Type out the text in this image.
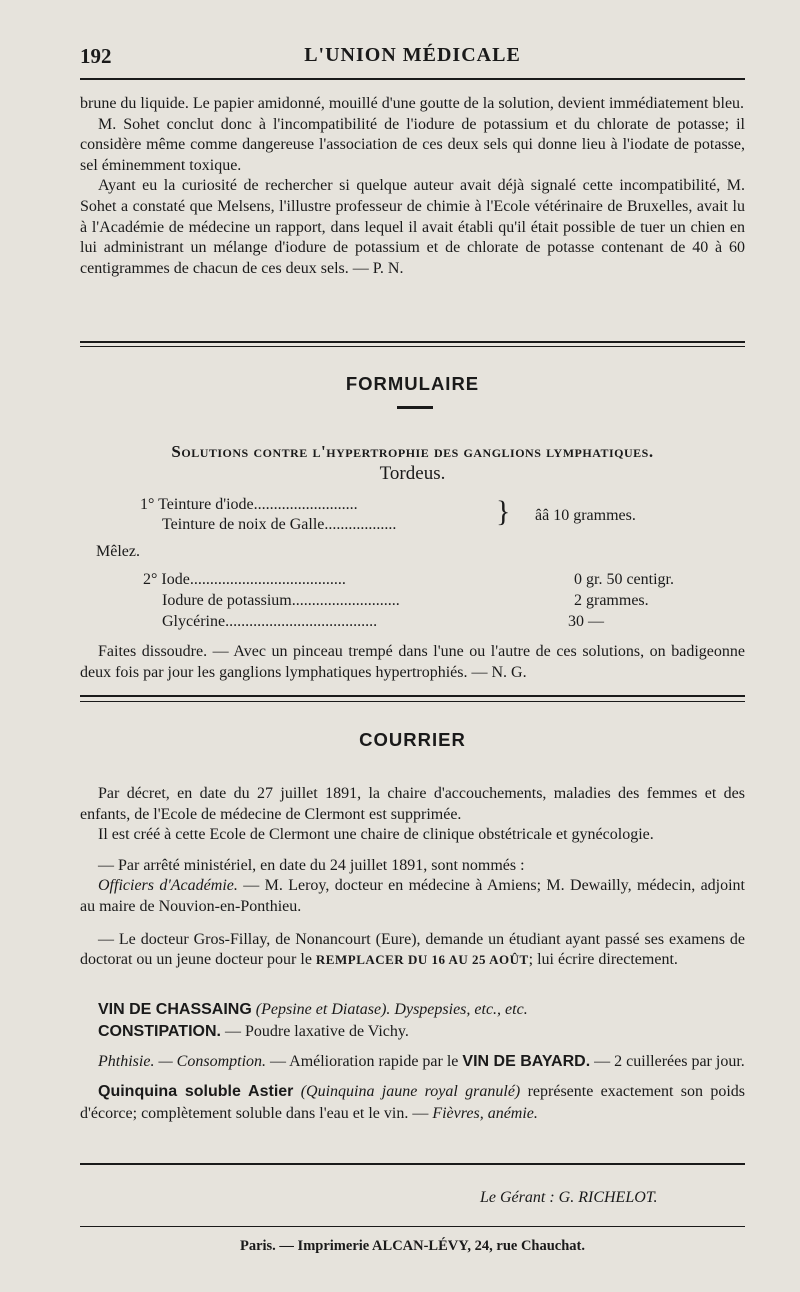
192	L'UNION MÉDICALE

brune du liquide. Le papier amidonné, mouillé d'une goutte de la solution, devient immédiatement bleu.

M. Sohet conclut donc à l'incompatibilité de l'iodure de potassium et du chlorate de potasse; il considère même comme dangereuse l'association de ces deux sels qui donne lieu à l'iodate de potasse, sel éminemment toxique.

Ayant eu la curiosité de rechercher si quelque auteur avait déjà signalé cette incompatibilité, M. Sohet a constaté que Melsens, l'illustre professeur de chimie à l'Ecole vétérinaire de Bruxelles, avait lu à l'Académie de médecine un rapport, dans lequel il avait établi qu'il était possible de tuer un chien en lui administrant un mélange d'iodure de potassium et de chlorate de potasse contenant de 40 à 60 centigrammes de chacun de ces deux sels. — P. N.

FORMULAIRE
Solutions contre l'hypertrophie des ganglions lymphatiques.
Tordeus.
1° Teinture d'iode..........................
Teinture de noix de Galle..................	} ââ 10 grammes.
Mêlez.
2° Iode.......................................	0 gr. 50 centigr.
Iodure de potassium...........................	2 grammes.
Glycérine......................................	30 —

Faites dissoudre. — Avec un pinceau trempé dans l'une ou l'autre de ces solutions, on badigeonne deux fois par jour les ganglions lymphatiques hypertrophiés. — N. G.

COURRIER

Par décret, en date du 27 juillet 1891, la chaire d'accouchements, maladies des femmes et des enfants, de l'Ecole de médecine de Clermont est supprimée.

Il est créé à cette Ecole de Clermont une chaire de clinique obstétricale et gynécologie.

— Par arrêté ministériel, en date du 24 juillet 1891, sont nommés :

Officiers d'Académie. — M. Leroy, docteur en médecine à Amiens; M. Dewailly, médecin, adjoint au maire de Nouvion-en-Ponthieu.

— Le docteur Gros-Fillay, de Nonancourt (Eure), demande un étudiant ayant passé ses examens de doctorat ou un jeune docteur pour le REMPLACER DU 16 AU 25 AOÛT; lui écrire directement.

VIN DE CHASSAING (Pepsine et Diatase). Dyspepsies, etc., etc.

CONSTIPATION. — Poudre laxative de Vichy.

Phthisie. — Consomption. — Amélioration rapide par le VIN DE BAYARD. — 2 cuillerées par jour.

Quinquina soluble Astier (Quinquina jaune royal granulé) représente exactement son poids d'écorce; complètement soluble dans l'eau et le vin. — Fièvres, anémie.

Le Gérant : G. RICHELOT.
Paris. — Imprimerie ALCAN-LÉVY, 24, rue Chauchat.
